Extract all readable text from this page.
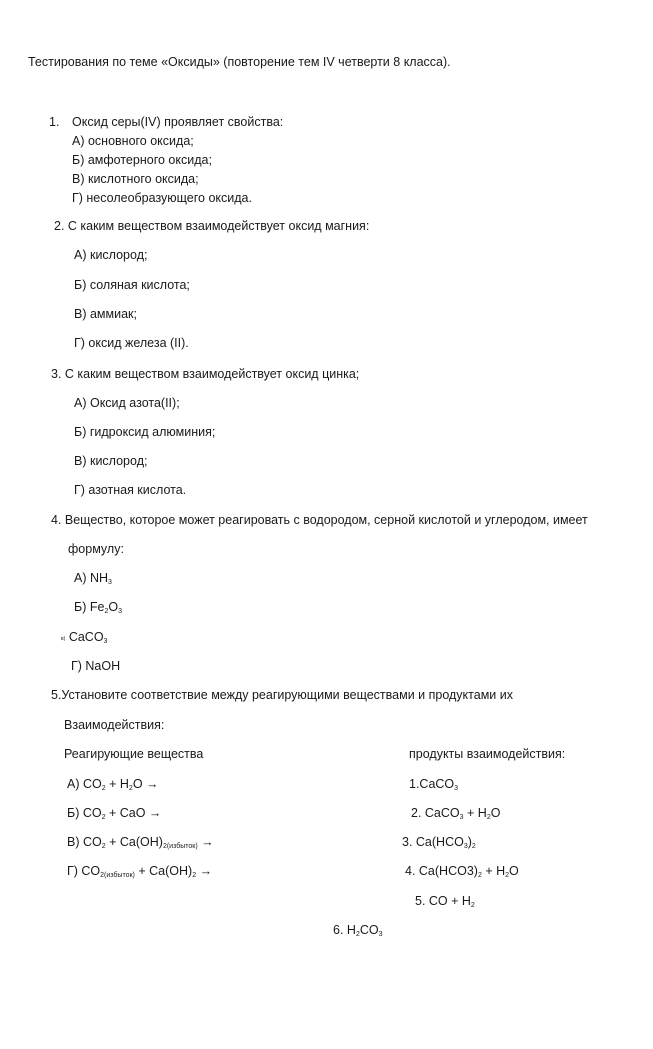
Тестирования по теме «Оксиды» (повторение тем IV четверти 8 класса).
1. Оксид серы(IV) проявляет свойства:
А) основного оксида;
Б) амфотерного оксида;
В) кислотного оксида;
Г) несолеобразующего оксида.
2. С каким веществом взаимодействует оксид магния:
А) кислород;
Б) соляная кислота;
В) аммиак;
Г) оксид железа (II).
3. С каким веществом взаимодействует оксид цинка;
А) Оксид азота(II);
Б) гидроксид алюминия;
В) кислород;
Г) азотная кислота.
4. Вещество, которое может реагировать с водородом, серной кислотой и углеродом, имеет
формулу:
А) $NH_3$
Б) $Fe_2O_3$
в) CaCO$_3$
Г) NaOH
5.Установите соответствие между реагирующими веществами и продуктами их
Взаимодействия:
Реагирующие вещества	продукты взаимодействия:
А) $CO_2 + H_2O$ →
Б) $CO_2$ + CaO →
В) $CO_2 + Ca(OH)_{2(избыток)}$ →
Г) $CO_{2(избыток)} + Ca(OH)_2$ →
1.CaCO$_3$
2. CaCO$_3$ + $H_2O$
3. $Ca(HCO_3)_2$
4. $Ca(HCO3)_2 + H_2O$
5. CO + $H_2$
6. $H_2CO_3$
